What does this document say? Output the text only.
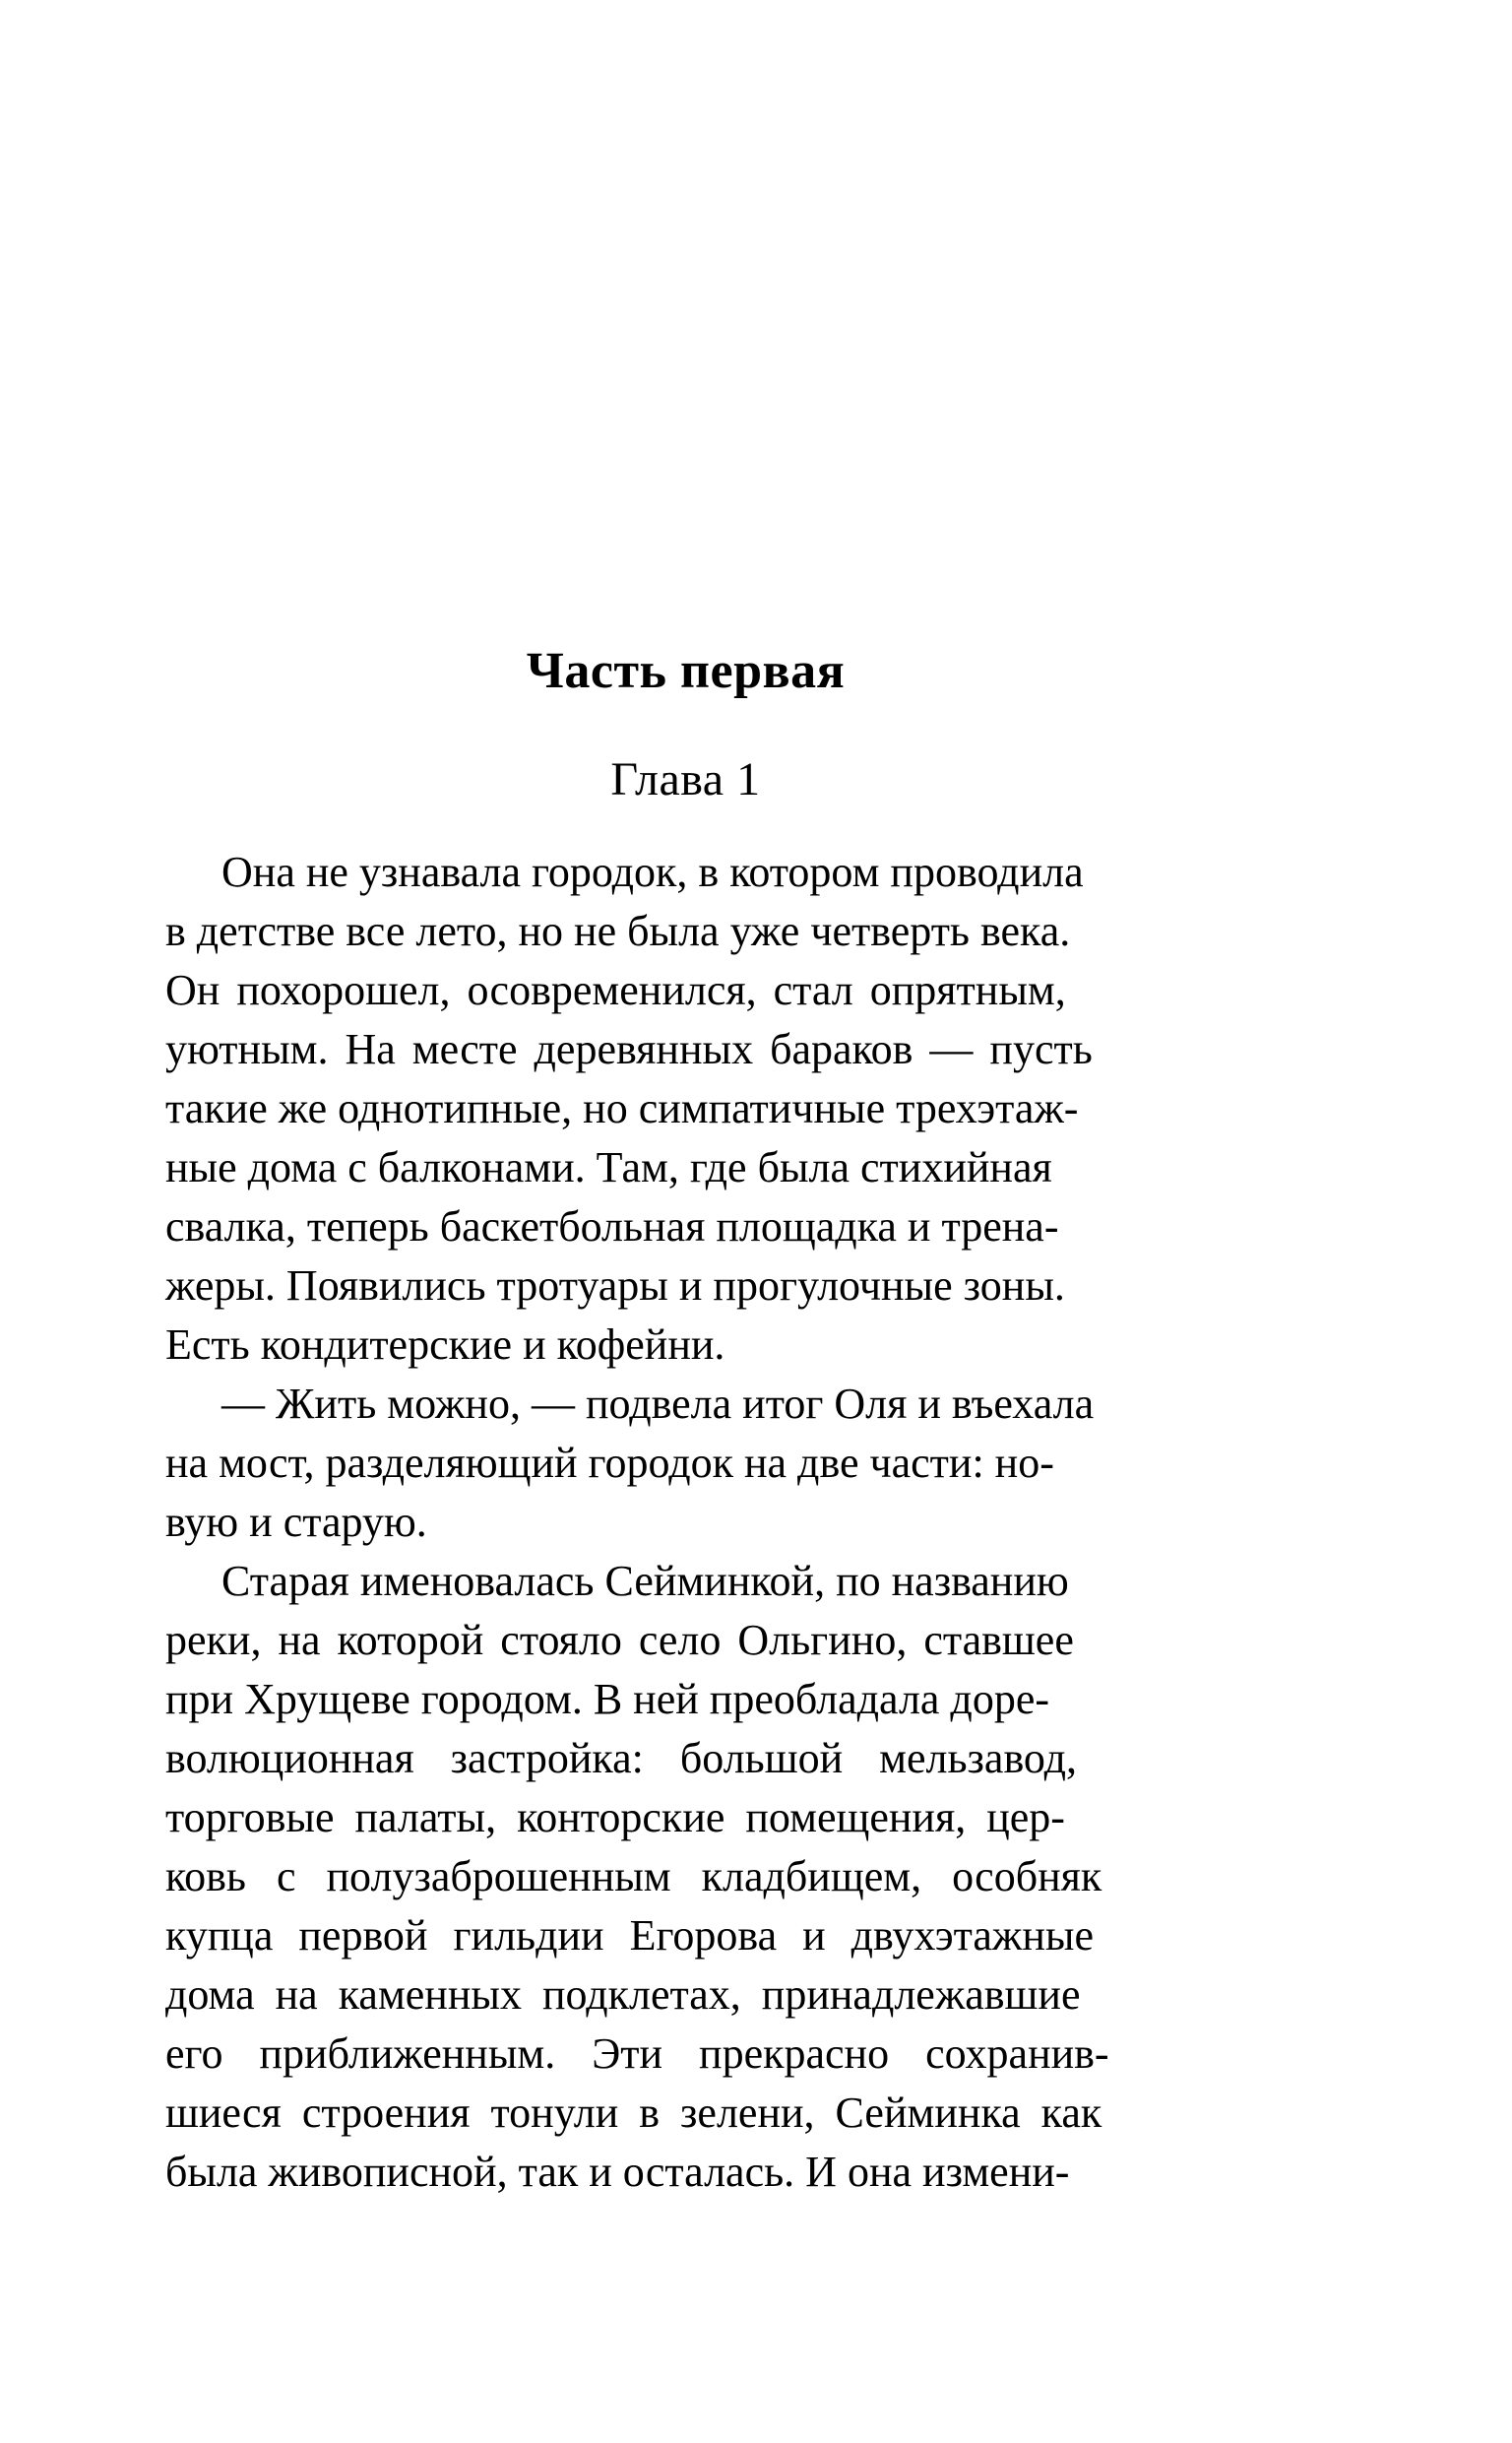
Часть первая
Глава 1

Она не узнавала городок, в котором проводила
в детстве все лето, но не была уже четверть века.
Он похорошел, осовременился, стал опрятным,
уютным. На месте деревянных бараков — пусть
такие же однотипные, но симпатичные трехэтаж-
ные дома с балконами. Там, где была стихийная
свалка, теперь баскетбольная площадка и трена-
жеры. Появились тротуары и прогулочные зоны.
Есть кондитерские и кофейни.

— Жить можно, — подвела итог Оля и въехала
на мост, разделяющий городок на две части: но-
вую и старую.

Старая именовалась Сейминкой, по названию
реки, на которой стояло село Ольгино, ставшее
при Хрущеве городом. В ней преобладала доре-
волюционная застройка: большой мельзавод,
торговые палаты, конторские помещения, цер-
ковь с полузаброшенным кладбищем, особняк
купца первой гильдии Егорова и двухэтажные
дома на каменных подклетах, принадлежавшие
его приближенным. Эти прекрасно сохранив-
шиеся строения тонули в зелени, Сейминка как
была живописной, так и осталась. И она измени-
